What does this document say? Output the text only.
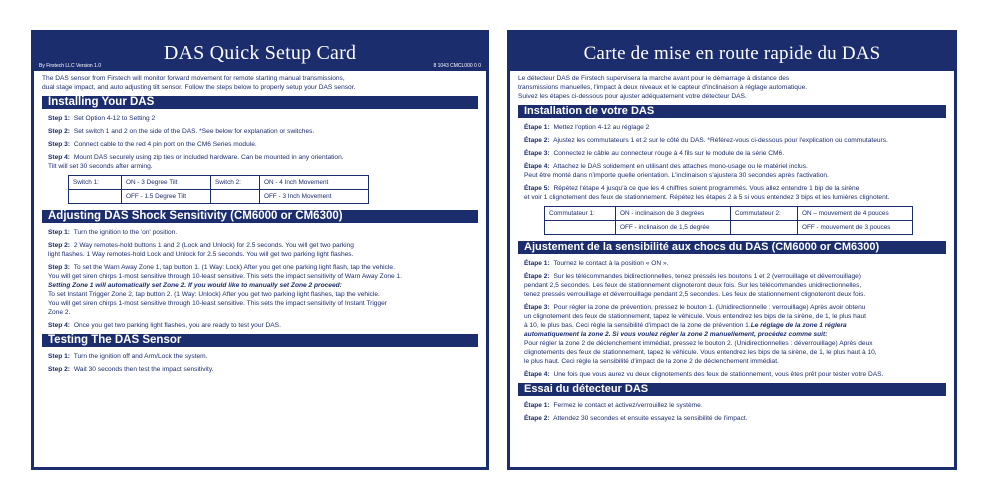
By Firstech LLC Version 1.0
DAS Quick Setup Card
8 1043 CMCL000 0 0
The DAS sensor from Firstech will monitor forward movement for remote starting manual transmissions,
dual stage impact, and auto adjusting tilt sensor. Follow the steps below to properly setup your DAS sensor.
Installing Your DAS
Step 1: Set Option 4-12 to Setting 2
Step 2: Set switch 1 and 2 on the side of the DAS. *See below for explanation or switches.
Step 3: Connect cable to the red 4 pin port on the CM6 Series module.
Step 4: Mount DAS securely using zip ties or included hardware. Can be mounted in any orientation.
Tilt will set 30 seconds after arming.
Switch 1:	ON - 3 Degree Tilt	Switch 2:	ON - 4 Inch Movement
	OFF - 1.5 Degree Tilt		OFF - 3 Inch Movement
Adjusting DAS Shock Sensitivity (CM6000 or CM6300)
Step 1: Turn the ignition to the 'on' position.
Step 2: 2 Way remotes-hold buttons 1 and 2 (Lock and Unlock) for 2.5 seconds. You will get two parking
light flashes. 1 Way remotes-hold Lock and Unlock for 2.5 seconds. You will get two parking light flashes.
Step 3: To set the Warn Away Zone 1, tap button 1. (1 Way: Lock) After you get one parking light flash, tap the vehicle.
You will get siren chirps 1-most sensitive through 10-least sensitive. This sets the impact sensitivity of Warn Away Zone 1.
Setting Zone 1 will automatically set Zone 2. If you would like to manually set Zone 2 proceed:
To set Instant Trigger Zone 2, tap button 2. (1 Way: Unlock) After you get two parking light flashes, tap the vehicle.
You will get siren chirps 1-most sensitive through 10-least sensitive. This sets the impact sensitivity of Instant Trigger
Zone 2.
Step 4: Once you get two parking light flashes, you are ready to test your DAS.
Testing The DAS Sensor
Step 1: Turn the ignition off and Arm/Lock the system.
Step 2: Wait 30 seconds then test the impact sensitivity.
Carte de mise en route rapide du DAS
Le détecteur DAS de Firstech supervisera la marche avant pour le démarrage à distance des
transmissions manuelles, l'impact à deux niveaux et le capteur d'inclinaison à réglage automatique.
Suivez les étapes ci-dessous pour ajuster adéquatement votre détecteur DAS.
Installation de votre DAS
Étape 1: Mettez l'option 4-12 au réglage 2
Étape 2: Ajustez les commutateurs 1 et 2 sur le côté du DAS. *Référez-vous ci-dessous pour l'explication ou commutateurs.
Étape 3: Connectez le câble au connecteur rouge à 4 fils sur le module de la série CM6.
Étape 4: Attachez le DAS solidement en utilisant des attaches mono-usage ou le matériel inclus.
Peut être monté dans n'importe quelle orientation. L'inclinaison s'ajustera 30 secondes après l'activation.
Étape 5: Répétez l'étape 4 jusqu'à ce que les 4 chiffres soient programmés. Vous allez entendre 1 bip de la sirène
et voir 1 clignotement des feux de stationnement. Répétez les étapes 2 à 5 si vous entendez 3 bips et les lumières clignotent.
Commutateur 1:	ON - inclinaison de 3 degrées	Commutateur 2:	ON – mouvement de 4 pouces
	OFF - inclinaison de 1,5 degrée		OFF - mouvement de 3 pouces
Ajustement de la sensibilité aux chocs du DAS (CM6000 or CM6300)
Étape 1: Tournez le contact à la position « ON ».
Étape 2: Sur les télécommandes bidirectionnelles, tenez pressés les boutons 1 et 2 (verrouillage et déverrouillage)
pendant 2,5 secondes. Les feux de stationnement clignoteront deux fois. Sur les télécommandes unidirectionnelles,
tenez pressés verrouillage et déverrouillage pendant 2,5 secondes. Les feux de stationnement clignoteront deux fois.
Étape 3: Pour régler la zone de prévention, pressez le bouton 1. (Unidirectionnelle : verrouillage) Après avoir obtenu
un clignotement des feux de stationnement, tapez le véhicule. Vous entendrez les bips de la sirène, de 1, le plus haut
à 10, le plus bas. Ceci règle la sensibilité d'impact de la zone de prévention 1.Le réglage de la zone 1 réglera
automatiquement la zone 2. Si vous voulez régler la zone 2 manuellement, procédez comme suit:
Pour régler la zone 2 de déclenchement immédiat, pressez le bouton 2. (Unidirectionnelles : déverrouillage) Après deux
clignotements des feux de stationnement, tapez le véhicule. Vous entendrez les bips de la sirène, de 1, le plus haut à 10,
le plus haut. Ceci règle la sensibilité d'impact de la zone 2 de déclenchement immédiat.
Étape 4: Une fois que vous aurez vu deux clignotements des feux de stationnement, vous êtes prêt pour tester votre DAS.
Essai du détecteur DAS
Étape 1: Fermez le contact et activez/verrouillez le système.
Étape 2: Attendez 30 secondes et ensuite essayez la sensibilité de l'impact.
